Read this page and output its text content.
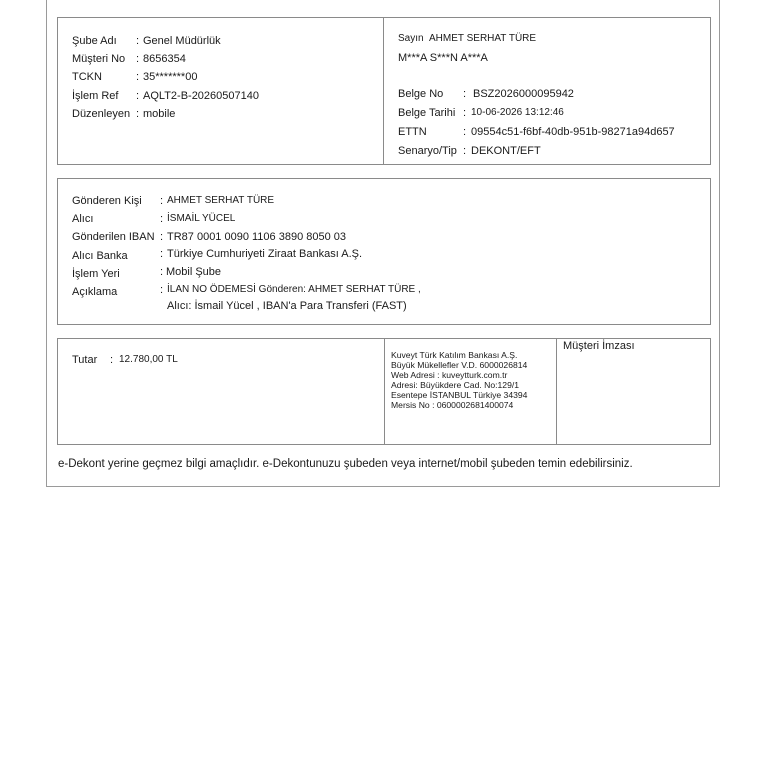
Şube Adı : Genel Müdürlük
Müşteri No : 8656354
TCKN	: 35*******00
İşlem Ref : AQLT2-B-20260507140
Düzenleyen : mobile
Sayın AHMET SERHAT TÜRE
M***A S***N A***A
Belge No : BSZ2026000095942
Belge Tarihi : 10-06-2026 13:12:46
ETTN	: 09554c51-f6bf-40db-951b-98271a94d657
Senaryo/Tip : DEKONT/EFT
Gönderen Kişi : AHMET SERHAT TÜRE
Alıcı	: İSMAİL YÜCEL
Gönderilen IBAN : TR87 0001 0090 1106 3890 8050 03
Alıcı Banka	: Türkiye Cumhuriyeti Ziraat Bankası A.Ş.
İşlem Yeri	: Mobil Şube
Açıklama	: İLAN NO ÖDEMESİ Gönderen: AHMET SERHAT TÜRE ,
Alıcı: İsmail Yücel , IBAN'a Para Transferi (FAST)
Tutar : 12.780,00 TL	Kuveyt Türk Katılım Bankası A.Ş.
Büyük Mükellefler V.D. 6000026814
Web Adresi : kuveytturk.com.tr
Adresi: Büyükdere Cad. No:129/1
Esentepe İSTANBUL Türkiye 34394
Mersis No : 0600002681400074
Müşteri İmzası
e-Dekont yerine geçmez bilgi amaçlıdır. e-Dekontunuzu şubeden veya internet/mobil şubeden temin edebilirsiniz.
